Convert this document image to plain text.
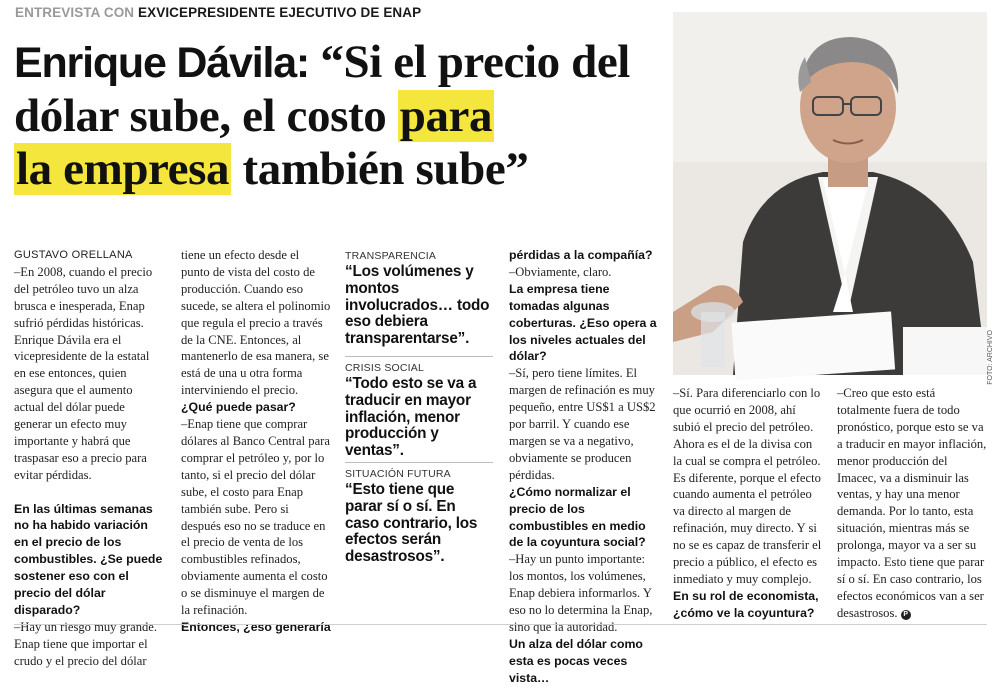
ENTREVISTA CON EXVICEPRESIDENTE EJECUTIVO DE ENAP
Enrique Dávila: “Si el precio del dólar sube, el costo para
la empresa también sube”
FOTO: ARCHIVO

GUSTAVO ORELLANA

–En 2008, cuando el precio del petróleo tuvo un alza brusca e inesperada, Enap sufrió pérdidas históricas. Enrique Dávila era el vicepresidente de la estatal en ese entonces, quien asegura que el aumento actual del dólar puede generar un efecto muy importante y habrá que traspasar eso a precio para evitar pérdidas.

En las últimas semanas no ha habido variación en el precio de los combustibles. ¿Se puede sostener eso con el precio del dólar disparado?

–Hay un riesgo muy grande. Enap tiene que importar el crudo y el precio del dólar

tiene un efecto desde el punto de vista del costo de producción. Cuando eso sucede, se altera el polinomio que regula el precio a través de la CNE. Entonces, al mantenerlo de esa manera, se está de una u otra forma interviniendo el precio.

¿Qué puede pasar?

–Enap tiene que comprar dólares al Banco Central para comprar el petróleo y, por lo tanto, si el precio del dólar sube, el costo para Enap también sube. Pero si después eso no se traduce en el precio de venta de los combustibles refinados, obviamente aumenta el costo o se disminuye el margen de la refinación.

Entonces, ¿eso generaría

TRANSPARENCIA
“Los volúmenes y montos involucrados… todo eso debiera transparentarse”.
CRISIS SOCIAL
“Todo esto se va a traducir en mayor inflación, menor producción y ventas”.
SITUACIÓN FUTURA
“Esto tiene que parar sí o sí. En caso contrario, los efectos serán desastrosos”.

pérdidas a la compañía?

–Obviamente, claro.

La empresa tiene tomadas algunas coberturas. ¿Eso opera a los niveles actuales del dólar?

–Sí, pero tiene límites. El margen de refinación es muy pequeño, entre US$1 a US$2 por barril. Y cuando ese margen se va a negativo, obviamente se producen pérdidas.

¿Cómo normalizar el precio de los combustibles en medio de la coyuntura social?

–Hay un punto importante: los montos, los volúmenes, Enap debiera informarlos. Y eso no lo determina la Enap, sino que la autoridad.

Un alza del dólar como esta es pocas veces vista…

–Sí. Para diferenciarlo con lo que ocurrió en 2008, ahí subió el precio del petróleo. Ahora es el de la divisa con la cual se compra el petróleo. Es diferente, porque el efecto cuando aumenta el petróleo va directo al margen de refinación, muy directo. Y si no se es capaz de transferir el precio a público, el efecto es inmediato y muy complejo.

En su rol de economista, ¿cómo ve la coyuntura?

–Creo que esto está totalmente fuera de todo pronóstico, porque esto se va a traducir en mayor inflación, menor producción del Imacec, va a disminuir las ventas, y hay una menor demanda. Por lo tanto, esta situación, mientras más se prolonga, mayor va a ser su impacto. Esto tiene que parar sí o sí. En caso contrario, los efectos económicos van a ser desastrosos. P
